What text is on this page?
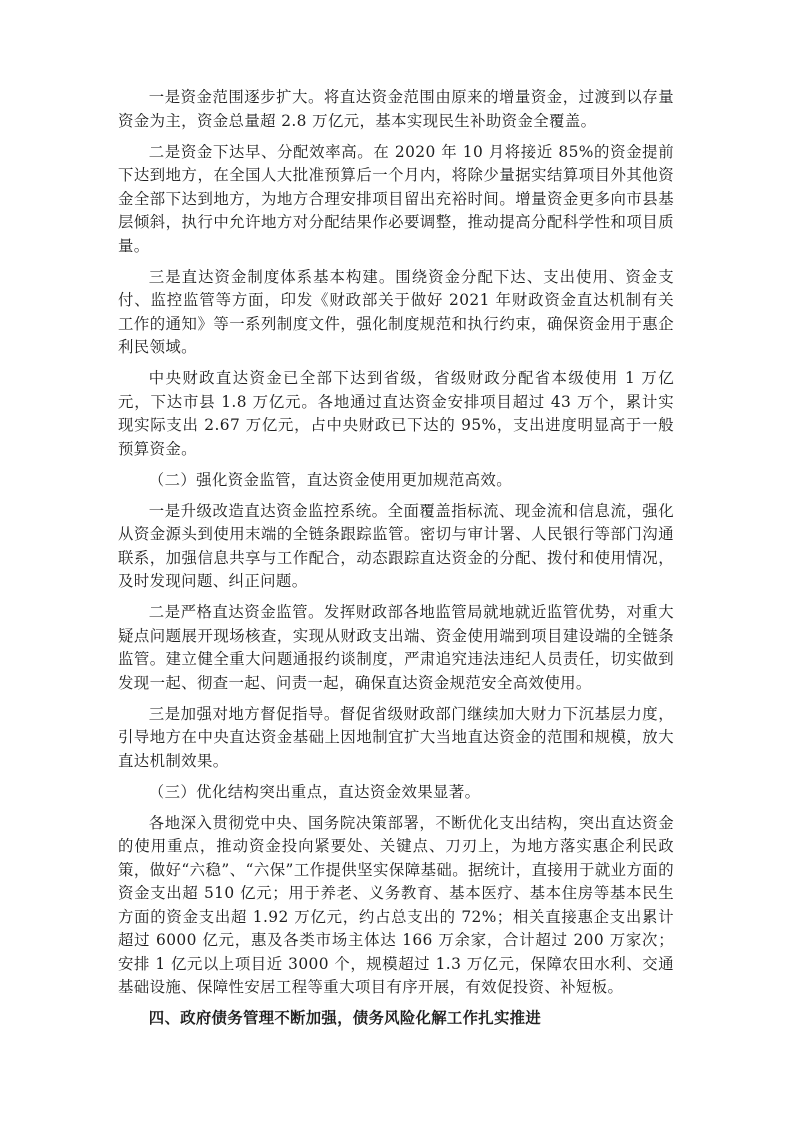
一是资金范围逐步扩大。将直达资金范围由原来的增量资金，过渡到以存量资金为主，资金总量超 2.8 万亿元，基本实现民生补助资金全覆盖。

二是资金下达早、分配效率高。在 2020 年 10 月将接近 85%的资金提前下达到地方，在全国人大批准预算后一个月内，将除少量据实结算项目外其他资金全部下达到地方，为地方合理安排项目留出充裕时间。增量资金更多向市县基层倾斜，执行中允许地方对分配结果作必要调整，推动提高分配科学性和项目质量。

三是直达资金制度体系基本构建。围绕资金分配下达、支出使用、资金支付、监控监管等方面，印发《财政部关于做好 2021 年财政资金直达机制有关工作的通知》等一系列制度文件，强化制度规范和执行约束，确保资金用于惠企利民领域。

中央财政直达资金已全部下达到省级，省级财政分配省本级使用 1 万亿元，下达市县 1.8 万亿元。各地通过直达资金安排项目超过 43 万个，累计实现实际支出 2.67 万亿元，占中央财政已下达的 95%，支出进度明显高于一般预算资金。

（二）强化资金监管，直达资金使用更加规范高效。

一是升级改造直达资金监控系统。全面覆盖指标流、现金流和信息流，强化从资金源头到使用末端的全链条跟踪监管。密切与审计署、人民银行等部门沟通联系，加强信息共享与工作配合，动态跟踪直达资金的分配、拨付和使用情况，及时发现问题、纠正问题。

二是严格直达资金监管。发挥财政部各地监管局就地就近监管优势，对重大疑点问题展开现场核查，实现从财政支出端、资金使用端到项目建设端的全链条监管。建立健全重大问题通报约谈制度，严肃追究违法违纪人员责任，切实做到发现一起、彻查一起、问责一起，确保直达资金规范安全高效使用。

三是加强对地方督促指导。督促省级财政部门继续加大财力下沉基层力度，引导地方在中央直达资金基础上因地制宜扩大当地直达资金的范围和规模，放大直达机制效果。

（三）优化结构突出重点，直达资金效果显著。

各地深入贯彻党中央、国务院决策部署，不断优化支出结构，突出直达资金的使用重点，推动资金投向紧要处、关键点、刀刃上，为地方落实惠企利民政策，做好“六稳”、“六保”工作提供坚实保障基础。据统计，直接用于就业方面的资金支出超 510 亿元；用于养老、义务教育、基本医疗、基本住房等基本民生方面的资金支出超 1.92 万亿元，约占总支出的 72%；相关直接惠企支出累计超过 6000 亿元，惠及各类市场主体达 166 万余家，合计超过 200 万家次；安排 1 亿元以上项目近 3000 个，规模超过 1.3 万亿元，保障农田水利、交通基础设施、保障性安居工程等重大项目有序开展，有效促投资、补短板。

四、政府债务管理不断加强，债务风险化解工作扎实推进
